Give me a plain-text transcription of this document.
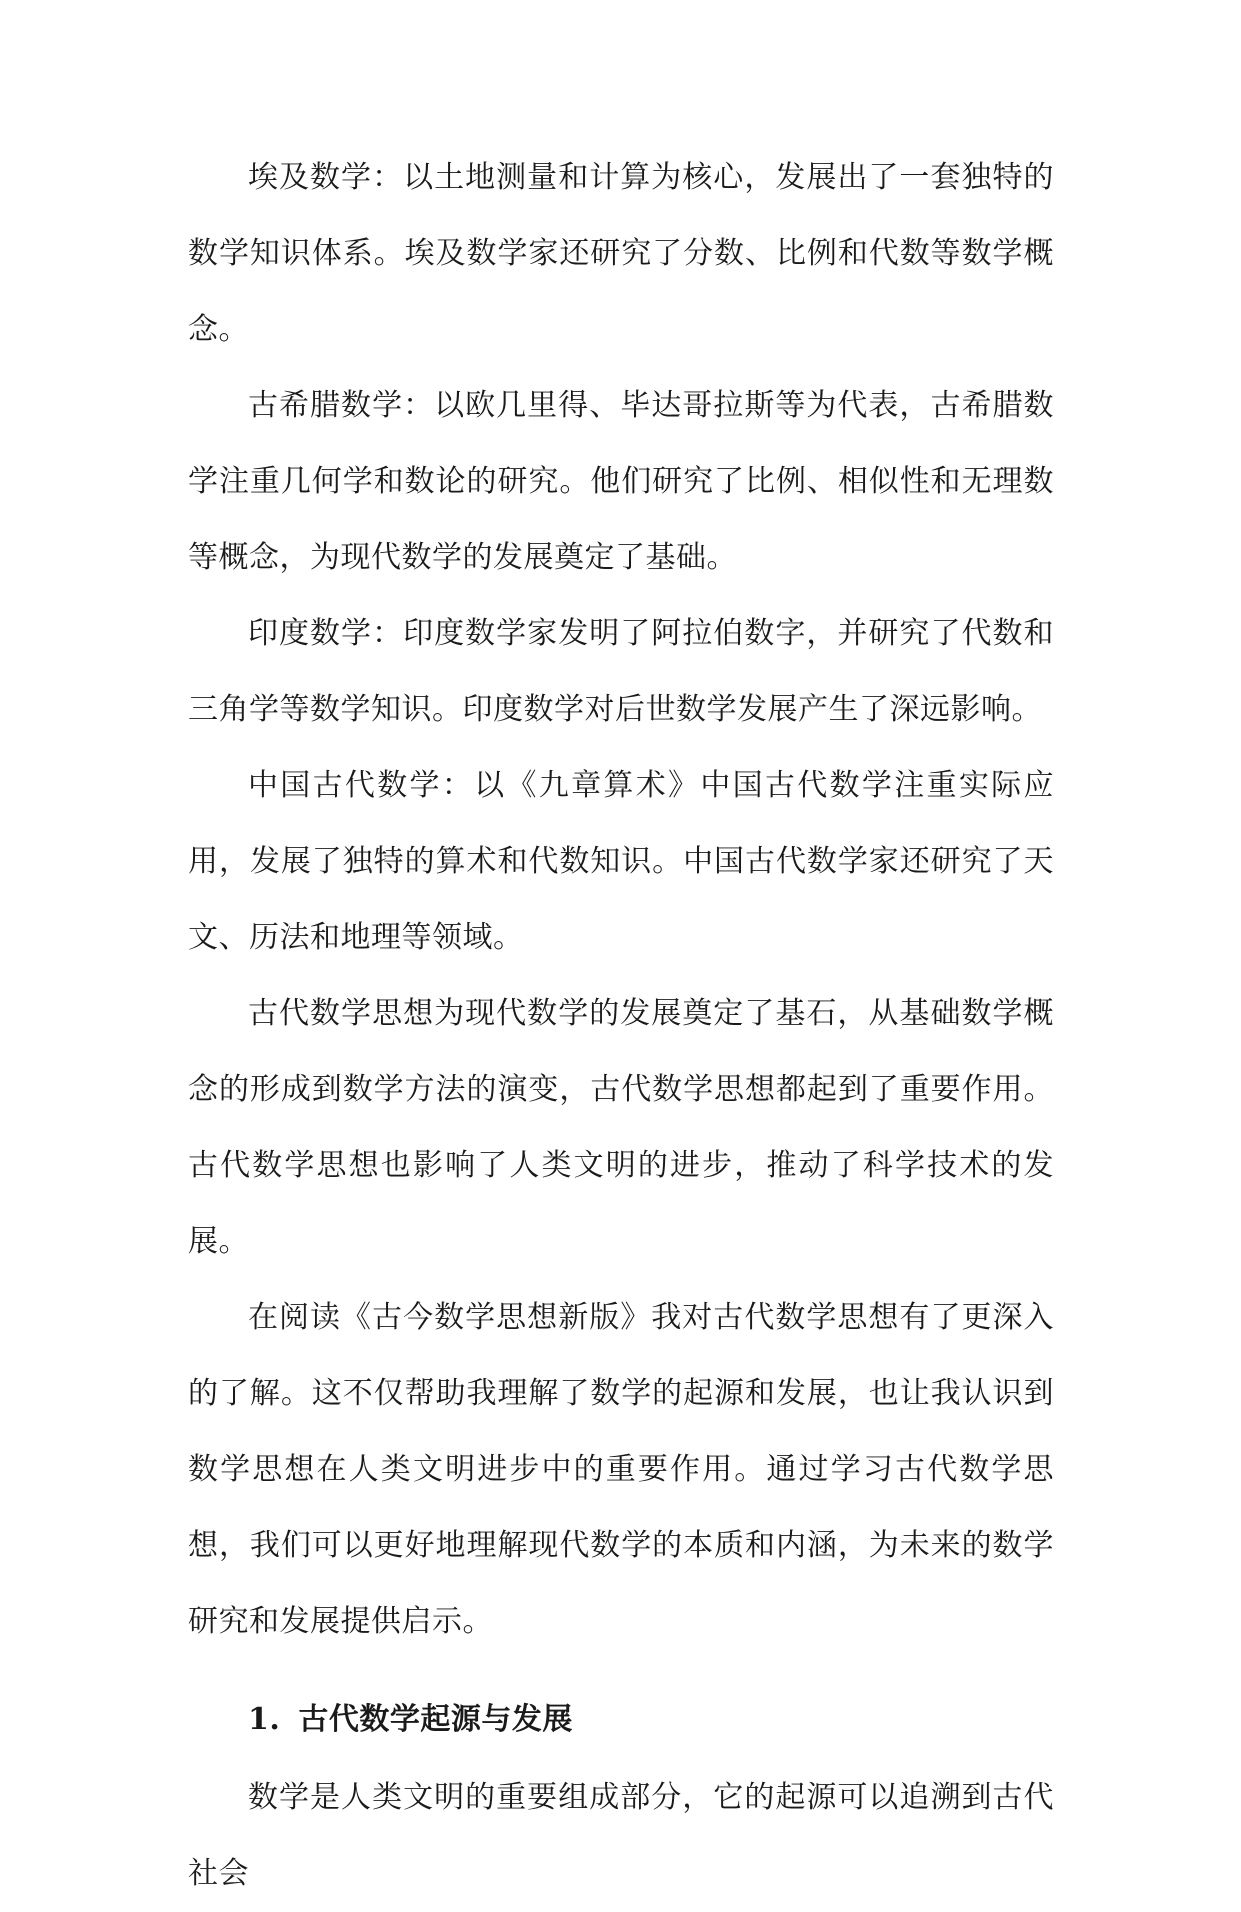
埃及数学：以土地测量和计算为核心，发展出了一套独特的数学知识体系。埃及数学家还研究了分数、比例和代数等数学概念。

古希腊数学：以欧几里得、毕达哥拉斯等为代表，古希腊数学注重几何学和数论的研究。他们研究了比例、相似性和无理数等概念，为现代数学的发展奠定了基础。

印度数学：印度数学家发明了阿拉伯数字，并研究了代数和三角学等数学知识。印度数学对后世数学发展产生了深远影响。

中国古代数学：以《九章算术》中国古代数学注重实际应用，发展了独特的算术和代数知识。中国古代数学家还研究了天文、历法和地理等领域。

古代数学思想为现代数学的发展奠定了基石，从基础数学概念的形成到数学方法的演变，古代数学思想都起到了重要作用。古代数学思想也影响了人类文明的进步，推动了科学技术的发展。

在阅读《古今数学思想新版》我对古代数学思想有了更深入的了解。这不仅帮助我理解了数学的起源和发展，也让我认识到数学思想在人类文明进步中的重要作用。通过学习古代数学思想，我们可以更好地理解现代数学的本质和内涵，为未来的数学研究和发展提供启示。

1. 古代数学起源与发展

数学是人类文明的重要组成部分，它的起源可以追溯到古代社会
